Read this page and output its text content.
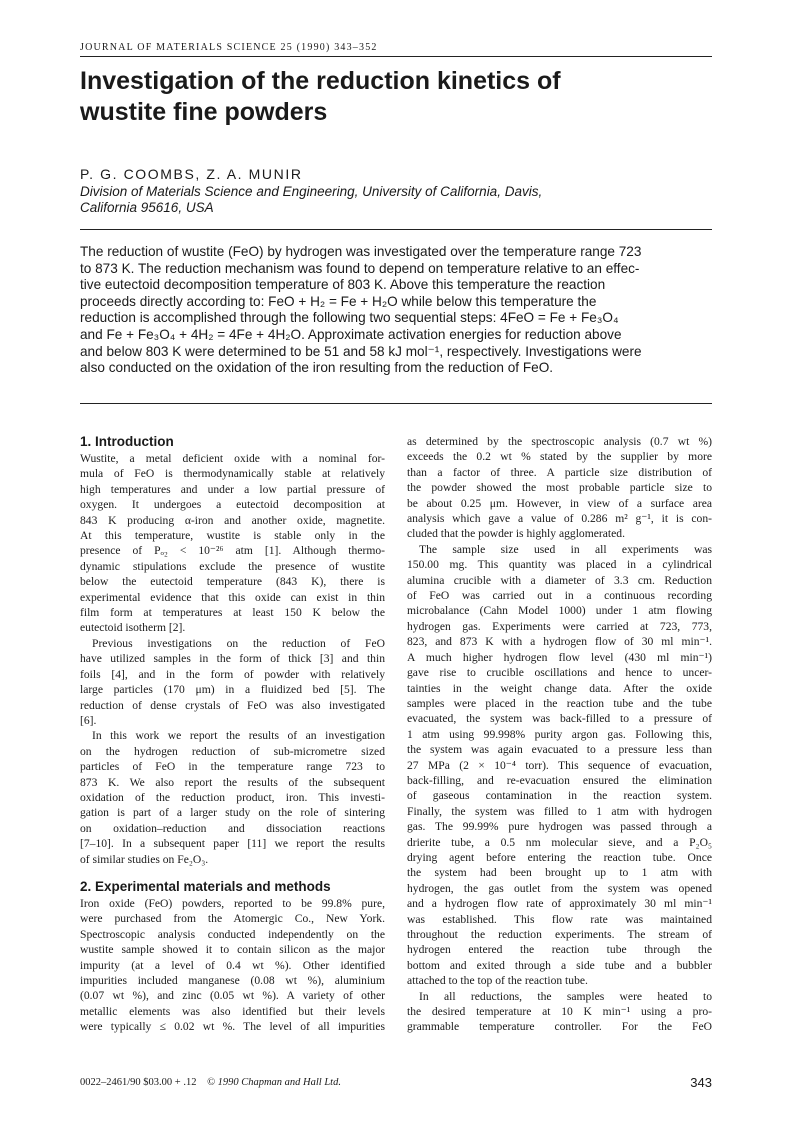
JOURNAL OF MATERIALS SCIENCE 25 (1990) 343–352
Investigation of the reduction kinetics of
wustite fine powders
P. G. COOMBS, Z. A. MUNIR
Division of Materials Science and Engineering, University of California, Davis,
California 95616, USA
The reduction of wustite (FeO) by hydrogen was investigated over the temperature range 723
to 873 K. The reduction mechanism was found to depend on temperature relative to an effec-
tive eutectoid decomposition temperature of 803 K. Above this temperature the reaction
proceeds directly according to: FeO + H₂ = Fe + H₂O while below this temperature the
reduction is accomplished through the following two sequential steps: 4FeO = Fe + Fe₃O₄
and Fe + Fe₃O₄ + 4H₂ = 4Fe + 4H₂O. Approximate activation energies for reduction above
and below 803 K were determined to be 51 and 58 kJ mol⁻¹, respectively. Investigations were
also conducted on the oxidation of the iron resulting from the reduction of FeO.
1. Introduction
Wustite, a metal deficient oxide with a nominal for-
mula of FeO is thermodynamically stable at relatively
high temperatures and under a low partial pressure of
oxygen. It undergoes a eutectoid decomposition at
843 K producing α-iron and another oxide, magnetite.
At this temperature, wustite is stable only in the
presence of Pₒ₂ < 10⁻²⁶ atm [1]. Although thermo-
dynamic stipulations exclude the presence of wustite
below the eutectoid temperature (843 K), there is
experimental evidence that this oxide can exist in thin
film form at temperatures at least 150 K below the
eutectoid isotherm [2].
Previous investigations on the reduction of FeO
have utilized samples in the form of thick [3] and thin
foils [4], and in the form of powder with relatively
large particles (170 μm) in a fluidized bed [5]. The
reduction of dense crystals of FeO was also investigated
[6].
In this work we report the results of an investigation
on the hydrogen reduction of sub-micrometre sized
particles of FeO in the temperature range 723 to
873 K. We also report the results of the subsequent
oxidation of the reduction product, iron. This investi-
gation is part of a larger study on the role of sintering
on oxidation–reduction and dissociation reactions
[7–10]. In a subsequent paper [11] we report the results
of similar studies on Fe₂O₃.
2. Experimental materials and methods
Iron oxide (FeO) powders, reported to be 99.8% pure,
were purchased from the Atomergic Co., New York.
Spectroscopic analysis conducted independently on the
wustite sample showed it to contain silicon as the major
impurity (at a level of 0.4 wt %). Other identified
impurities included manganese (0.08 wt %), aluminium
(0.07 wt %), and zinc (0.05 wt %). A variety of other
metallic elements was also identified but their levels
were typically ≤ 0.02 wt %. The level of all impurities
as determined by the spectroscopic analysis (0.7 wt %)
exceeds the 0.2 wt % stated by the supplier by more
than a factor of three. A particle size distribution of
the powder showed the most probable particle size to
be about 0.25 μm. However, in view of a surface area
analysis which gave a value of 0.286 m² g⁻¹, it is con-
cluded that the powder is highly agglomerated.
The sample size used in all experiments was
150.00 mg. This quantity was placed in a cylindrical
alumina crucible with a diameter of 3.3 cm. Reduction
of FeO was carried out in a continuous recording
microbalance (Cahn Model 1000) under 1 atm flowing
hydrogen gas. Experiments were carried at 723, 773,
823, and 873 K with a hydrogen flow of 30 ml min⁻¹.
A much higher hydrogen flow level (430 ml min⁻¹)
gave rise to crucible oscillations and hence to uncer-
tainties in the weight change data. After the oxide
samples were placed in the reaction tube and the tube
evacuated, the system was back-filled to a pressure of
1 atm using 99.998% purity argon gas. Following this,
the system was again evacuated to a pressure less than
27 MPa (2 × 10⁻⁴ torr). This sequence of evacuation,
back-filling, and re-evacuation ensured the elimination
of gaseous contamination in the reaction system.
Finally, the system was filled to 1 atm with hydrogen
gas. The 99.99% pure hydrogen was passed through a
drierite tube, a 0.5 nm molecular sieve, and a P₂O₅
drying agent before entering the reaction tube. Once
the system had been brought up to 1 atm with
hydrogen, the gas outlet from the system was opened
and a hydrogen flow rate of approximately 30 ml min⁻¹
was established. This flow rate was maintained
throughout the reduction experiments. The stream of
hydrogen entered the reaction tube through the
bottom and exited through a side tube and a bubbler
attached to the top of the reaction tube.
In all reductions, the samples were heated to
the desired temperature at 10 K min⁻¹ using a pro-
grammable temperature controller. For the FeO
0022–2461/90 $03.00 + .12 © 1990 Chapman and Hall Ltd.	343
